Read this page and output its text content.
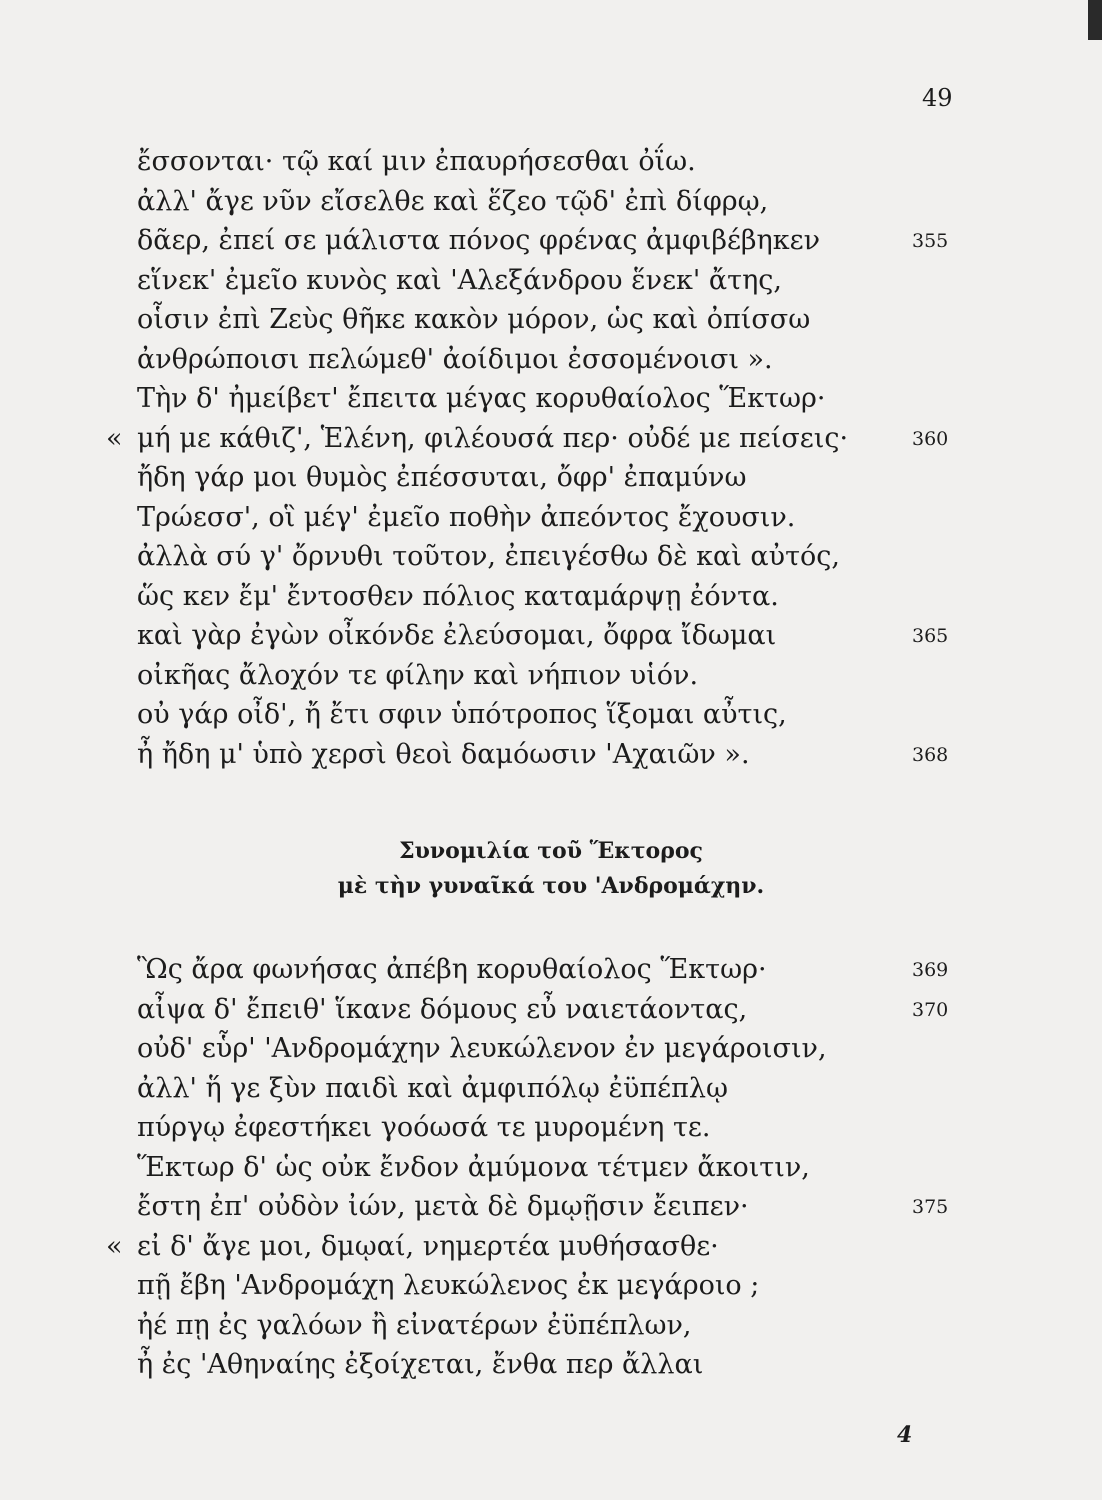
49
ἔσσονται· τῷ καί μιν ἐπαυρήσεσθαι ὀΐω.
ἀλλ' ἄγε νῦν εἴσελθε καὶ ἕζεο τῷδ' ἐπὶ δίφρῳ,
δᾶερ, ἐπεί σε μάλιστα πόνος φρένας ἀμφιβέβηκεν	355
εἵνεκ' ἐμεῖο κυνὸς καὶ 'Αλεξάνδρου ἕνεκ' ἄτης,
οἷσιν ἐπὶ Ζεὺς θῆκε κακὸν μόρον, ὡς καὶ ὀπίσσω
ἀνθρώποισι πελώμεθ' ἀοίδιμοι ἐσσομένοισι ».
Τὴν δ' ἠμείβετ' ἔπειτα μέγας κορυθαίολος Ἕκτωρ·
« μή με κάθιζ', Ἑλένη, φιλέουσά περ· οὐδέ με πείσεις·	360
ἤδη γάρ μοι θυμὸς ἐπέσσυται, ὄφρ' ἐπαμύνω
Τρώεσσ', οἳ μέγ' ἐμεῖο ποθὴν ἀπεόντος ἔχουσιν.
ἀλλὰ σύ γ' ὄρνυθι τοῦτον, ἐπειγέσθω δὲ καὶ αὐτός,
ὥς κεν ἔμ' ἔντοσθεν πόλιος καταμάρψῃ ἐόντα.
καὶ γὰρ ἐγὼν οἶκόνδε ἐλεύσομαι, ὄφρα ἴδωμαι	365
οἰκῆας ἄλοχόν τε φίλην καὶ νήπιον υἱόν.
οὐ γάρ οἶδ', ἤ ἔτι σφιν ὑπότροπος ἵξομαι αὖτις,
ἦ ἤδη μ' ὑπὸ χερσὶ θεοὶ δαμόωσιν 'Αχαιῶν ».	368
Συνομιλία τοῦ Ἕκτορος
μὲ τὴν γυναῖκά του 'Ανδρομάχην.
Ὣς ἄρα φωνήσας ἀπέβη κορυθαίολος Ἕκτωρ·	369
αἶψα δ' ἔπειθ' ἵκανε δόμους εὖ ναιετάοντας,	370
οὐδ' εὗρ' 'Ανδρομάχην λευκώλενον ἐν μεγάροισιν,
ἀλλ' ἥ γε ξὺν παιδὶ καὶ ἀμφιπόλῳ ἐϋπέπλῳ
πύργῳ ἐφεστήκει γοόωσά τε μυρομένη τε.
Ἕκτωρ δ' ὡς οὐκ ἔνδον ἀμύμονα τέτμεν ἄκοιτιν,
ἔστη ἐπ' οὐδὸν ἰών, μετὰ δὲ δμῳῇσιν ἔειπεν·	375
« εἰ δ' ἄγε μοι, δμῳαί, νημερτέα μυθήσασθε·
πῇ ἔβη 'Ανδρομάχη λευκώλενος ἐκ μεγάροιο ;
ἠέ πῃ ἐς γαλόων ἢ εἰνατέρων ἐϋπέπλων,
ἦ ἐς 'Αθηναίης ἐξοίχεται, ἔνθα περ ἄλλαι
4
